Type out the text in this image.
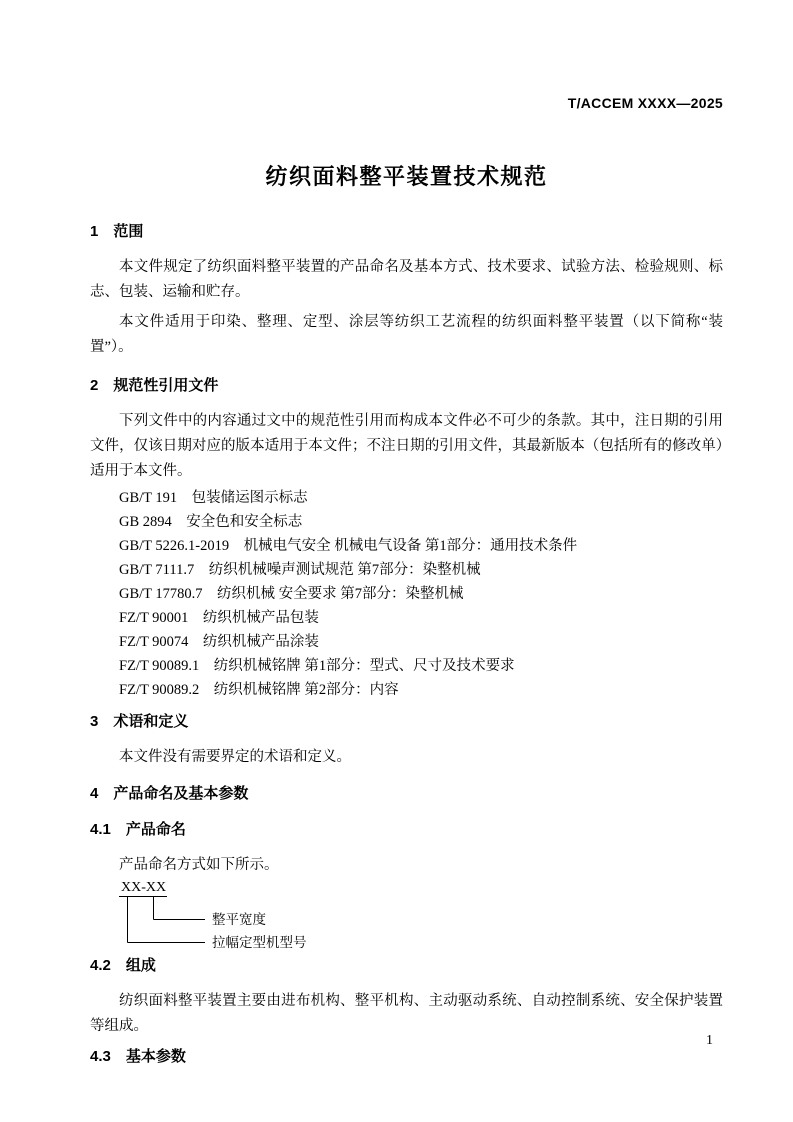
T/ACCEM XXXX—2025
纺织面料整平装置技术规范
1　范围

本文件规定了纺织面料整平装置的产品命名及基本方式、技术要求、试验方法、检验规则、标志、包装、运输和贮存。

本文件适用于印染、整理、定型、涂层等纺织工艺流程的纺织面料整平装置（以下简称“装置”）。

2　规范性引用文件

下列文件中的内容通过文中的规范性引用而构成本文件必不可少的条款。其中，注日期的引用文件，仅该日期对应的版本适用于本文件；不注日期的引用文件，其最新版本（包括所有的修改单）适用于本文件。

GB/T 191　包装储运图示标志
GB 2894　安全色和安全标志
GB/T 5226.1-2019　机械电气安全 机械电气设备 第1部分：通用技术条件
GB/T 7111.7　纺织机械噪声测试规范 第7部分：染整机械
GB/T 17780.7　纺织机械 安全要求 第7部分：染整机械
FZ/T 90001　纺织机械产品包装
FZ/T 90074　纺织机械产品涂装
FZ/T 90089.1　纺织机械铭牌 第1部分：型式、尺寸及技术要求
FZ/T 90089.2　纺织机械铭牌 第2部分：内容
3　术语和定义

本文件没有需要界定的术语和定义。

4　产品命名及基本参数
4.1　产品命名

产品命名方式如下所示。

XX-XX
整平宽度
拉幅定型机型号
4.2　组成

纺织面料整平装置主要由进布机构、整平机构、主动驱动系统、自动控制系统、安全保护装置等组成。

4.3　基本参数
1
